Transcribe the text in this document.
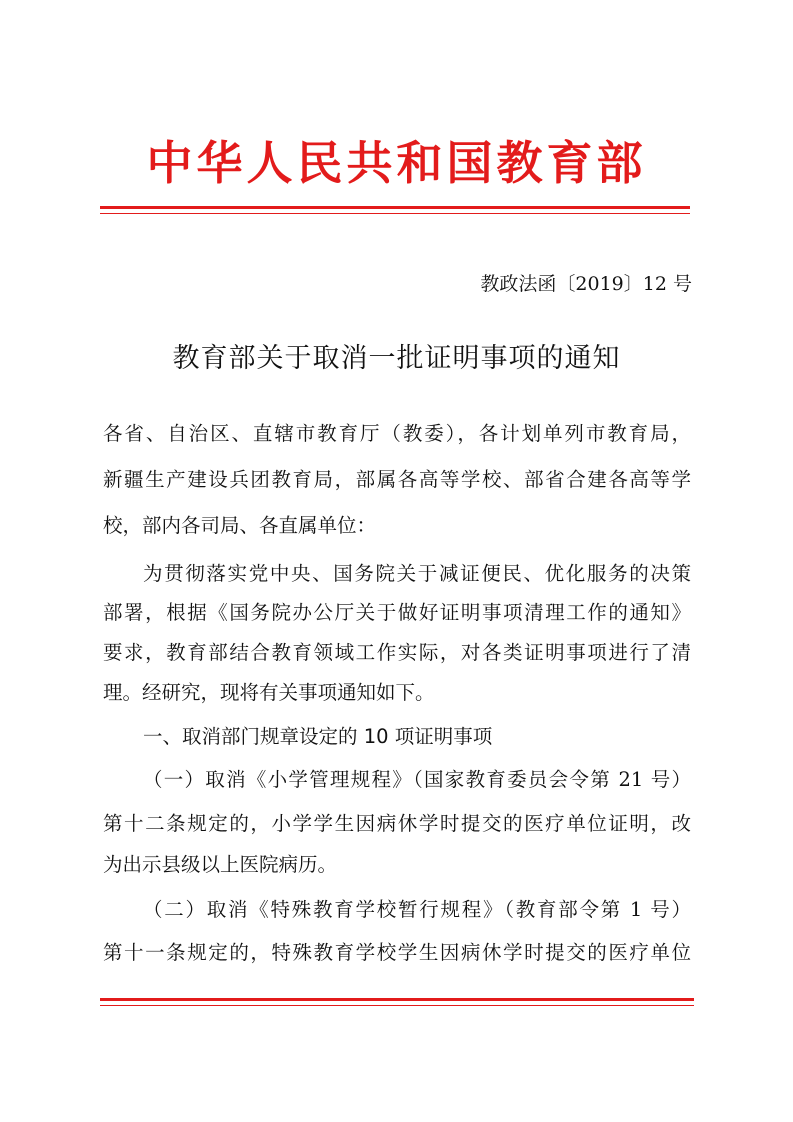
中华人民共和国教育部
教政法函〔2019〕12 号
教育部关于取消一批证明事项的通知
各省、自治区、直辖市教育厅（教委），各计划单列市教育局，
新疆生产建设兵团教育局，部属各高等学校、部省合建各高等学
校，部内各司局、各直属单位：
为贯彻落实党中央、国务院关于减证便民、优化服务的决策
部署，根据《国务院办公厅关于做好证明事项清理工作的通知》
要求，教育部结合教育领域工作实际，对各类证明事项进行了清
理。经研究，现将有关事项通知如下。
一、取消部门规章设定的 10 项证明事项
（一）取消《小学管理规程》（国家教育委员会令第 21 号）
第十二条规定的，小学学生因病休学时提交的医疗单位证明，改
为出示县级以上医院病历。
（二）取消《特殊教育学校暂行规程》（教育部令第 1 号）
第十一条规定的，特殊教育学校学生因病休学时提交的医疗单位
